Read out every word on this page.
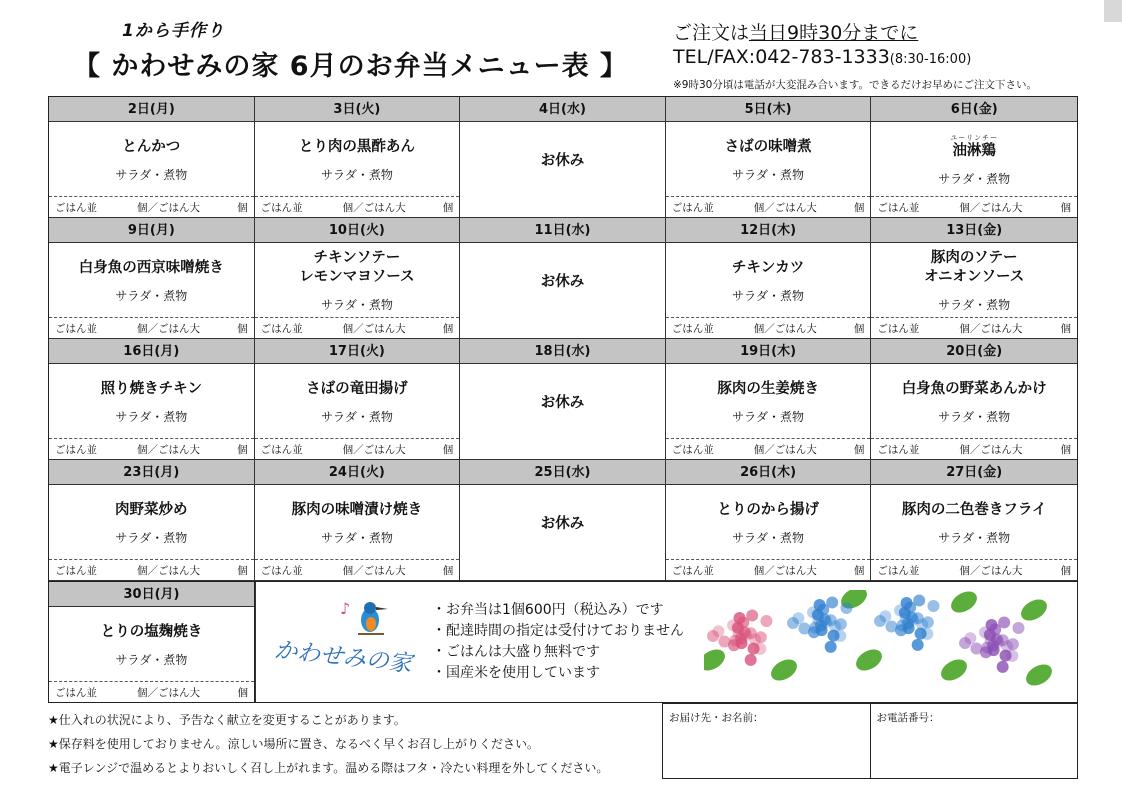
1から手作り
【 かわせみの家 6月のお弁当メニュー表 】
ご注文は当日9時30分までに
TEL/FAX:042-783-1333(8:30-16:00)
※9時30分頃は電話が大変混み合います。できるだけお早めにご注文下さい。
2日(月)
とんかつ
サラダ・煮物
ごはん並	個／ごはん大	個
3日(火)
とり肉の黒酢あん
サラダ・煮物
ごはん並	個／ごはん大	個
4日(水)
お休み
5日(木)
さばの味噌煮
サラダ・煮物
ごはん並	個／ごはん大	個
6日(金)
ユーリンチー
油淋鶏
サラダ・煮物
ごはん並	個／ごはん大	個
9日(月)
白身魚の西京味噌焼き
サラダ・煮物
ごはん並	個／ごはん大	個
10日(火)
チキンソテー
レモンマヨソース
サラダ・煮物
ごはん並	個／ごはん大	個
11日(水)
お休み
12日(木)
チキンカツ
サラダ・煮物
ごはん並	個／ごはん大	個
13日(金)
豚肉のソテー
オニオンソース
サラダ・煮物
ごはん並	個／ごはん大	個
16日(月)
照り焼きチキン
サラダ・煮物
ごはん並	個／ごはん大	個
17日(火)
さばの竜田揚げ
サラダ・煮物
ごはん並	個／ごはん大	個
18日(水)
お休み
19日(木)
豚肉の生姜焼き
サラダ・煮物
ごはん並	個／ごはん大	個
20日(金)
白身魚の野菜あんかけ
サラダ・煮物
ごはん並	個／ごはん大	個
23日(月)
肉野菜炒め
サラダ・煮物
ごはん並	個／ごはん大	個
24日(火)
豚肉の味噌漬け焼き
サラダ・煮物
ごはん並	個／ごはん大	個
25日(水)
お休み
26日(木)
とりのから揚げ
サラダ・煮物
ごはん並	個／ごはん大	個
27日(金)
豚肉の二色巻きフライ
サラダ・煮物
ごはん並	個／ごはん大	個
30日(月)
とりの塩麹焼き
サラダ・煮物
ごはん並	個／ごはん大	個
♪
かわせみの家
・お弁当は1個600円（税込み）です
・配達時間の指定は受付けておりません
・ごはんは大盛り無料です
・国産米を使用しています
★仕入れの状況により、予告なく献立を変更することがあります。
★保存料を使用しておりません。涼しい場所に置き、なるべく早くお召し上がりください。
★電子レンジで温めるとよりおいしく召し上がれます。温める際はフタ・冷たい料理を外してください。
お届け先・お名前：	お電話番号：
